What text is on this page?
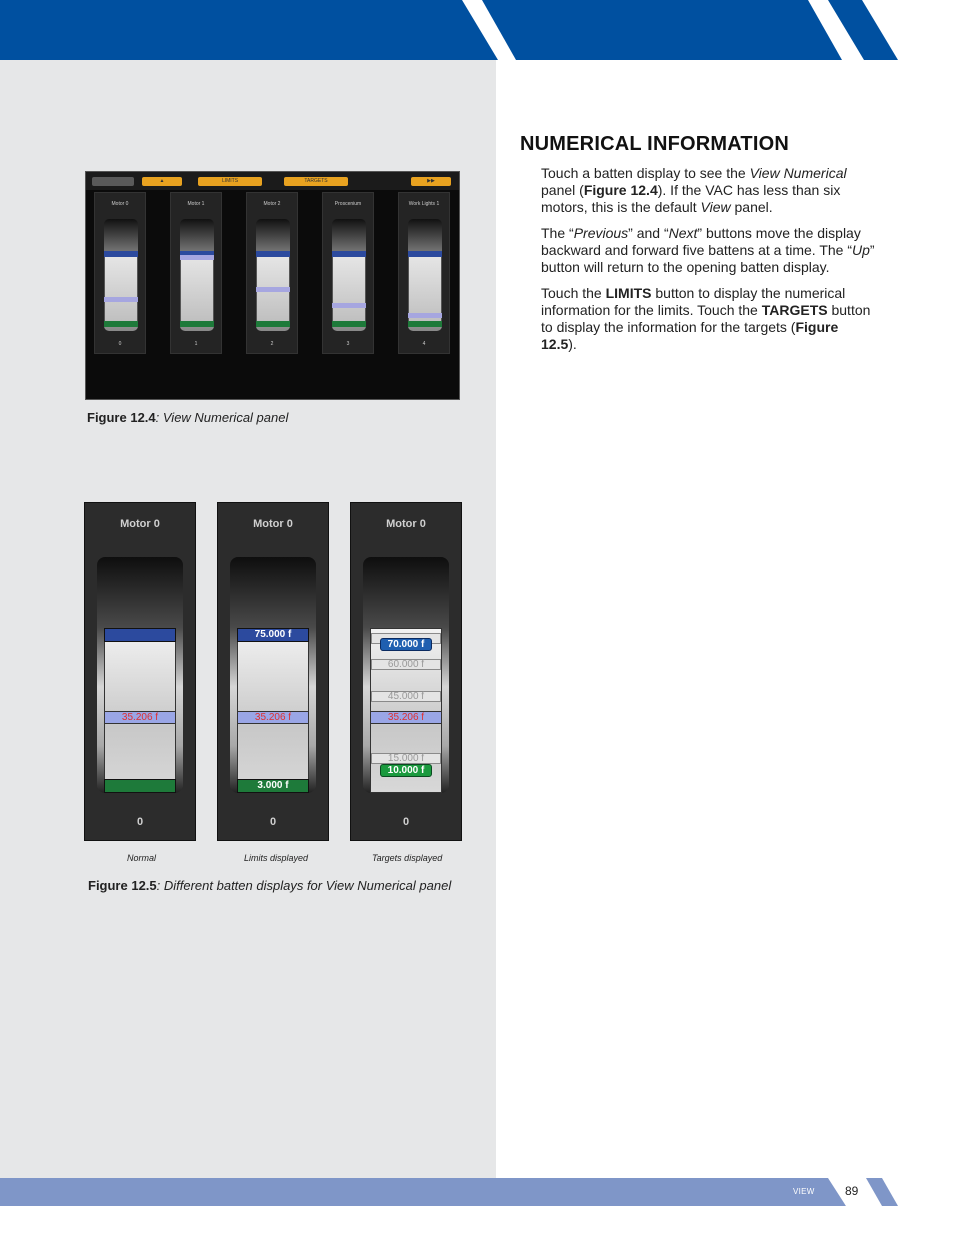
NUMERICAL INFORMATION

Touch a batten display to see the View Numerical panel (Figure 12.4). If the VAC has less than six motors, this is the default View panel.

The “Previous” and “Next” buttons move the display backward and forward five battens at a time. The “Up” button will return to the opening batten display.

Touch the LIMITS button to display the numerical information for the limits. Touch the TARGETS button to display the information for the targets (Figure 12.5).

▲	LIMITS	TARGETS	▶▶
Motor 0
0
Motor 1
1
Motor 2
2
Proscenium
3
Work Lights 1
4
Figure 12.4: View Numerical panel
Motor 0
35.206 f
0
Motor 0
75.000 f
35.206 f
3.000 f
0
Motor 0
70.000 f
60.000 f
45.000 f
35.206 f
15.000 f
10.000 f
0
Normal	Limits displayed	Targets displayed
Figure 12.5: Different batten displays for View Numerical panel
VIEW	89
